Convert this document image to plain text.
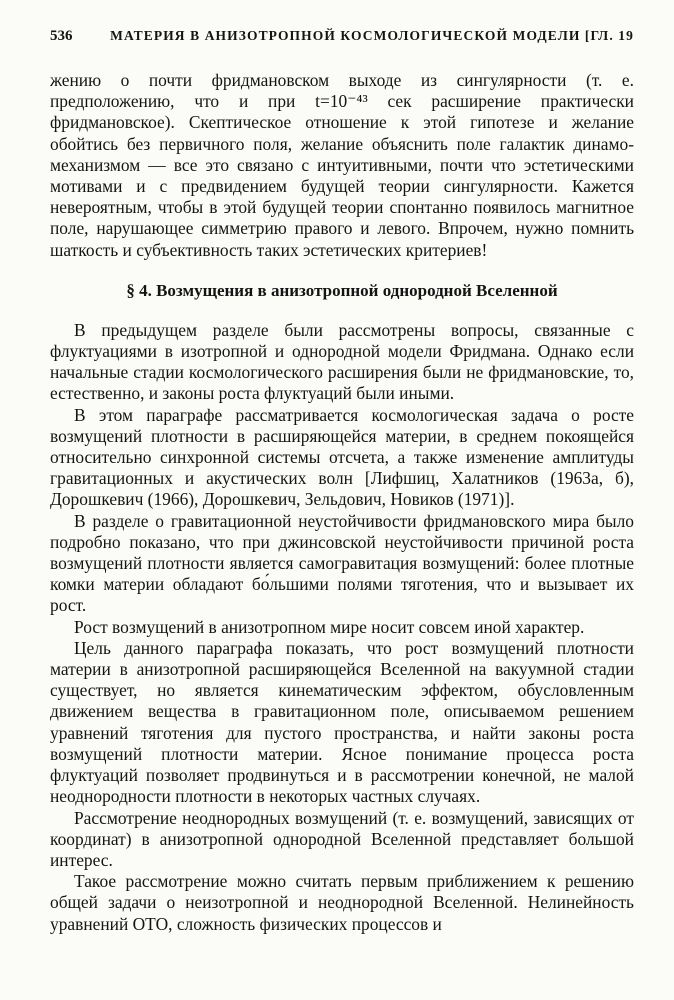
536	МАТЕРИЯ В АНИЗОТРОПНОЙ КОСМОЛОГИЧЕСКОЙ МОДЕЛИ [ГЛ. 19

жению о почти фридмановском выходе из сингулярности (т. е. предположению, что и при t=10⁻⁴³ сек расширение практически фридмановское). Скептическое отношение к этой гипотезе и желание обойтись без первичного поля, желание объяснить поле галактик динамо-механизмом — все это связано с интуитивными, почти что эстетическими мотивами и с предвидением будущей теории сингулярности. Кажется невероятным, чтобы в этой будущей теории спонтанно появилось магнитное поле, нарушающее симметрию правого и левого. Впрочем, нужно помнить шаткость и субъективность таких эстетических критериев!

§ 4. Возмущения в анизотропной однородной Вселенной

В предыдущем разделе были рассмотрены вопросы, связанные с флуктуациями в изотропной и однородной модели Фридмана. Однако если начальные стадии космологического расширения были не фридмановские, то, естественно, и законы роста флуктуаций были иными.

В этом параграфе рассматривается космологическая задача о росте возмущений плотности в расширяющейся материи, в среднем покоящейся относительно синхронной системы отсчета, а также изменение амплитуды гравитационных и акустических волн [Лифшиц, Халатников (1963а, б), Дорошкевич (1966), Дорошкевич, Зельдович, Новиков (1971)].

В разделе о гравитационной неустойчивости фридмановского мира было подробно показано, что при джинсовской неустойчивости причиной роста возмущений плотности является самогравитация возмущений: более плотные комки материи обладают бо́льшими полями тяготения, что и вызывает их рост.

Рост возмущений в анизотропном мире носит совсем иной характер.

Цель данного параграфа показать, что рост возмущений плотности материи в анизотропной расширяющейся Вселенной на вакуумной стадии существует, но является кинематическим эффектом, обусловленным движением вещества в гравитационном поле, описываемом решением уравнений тяготения для пустого пространства, и найти законы роста возмущений плотности материи. Ясное понимание процесса роста флуктуаций позволяет продвинуться и в рассмотрении конечной, не малой неоднородности плотности в некоторых частных случаях.

Рассмотрение неоднородных возмущений (т. е. возмущений, зависящих от координат) в анизотропной однородной Вселенной представляет большой интерес.

Такое рассмотрение можно считать первым приближением к решению общей задачи о неизотропной и неоднородной Вселенной. Нелинейность уравнений ОТО, сложность физических процессов и
